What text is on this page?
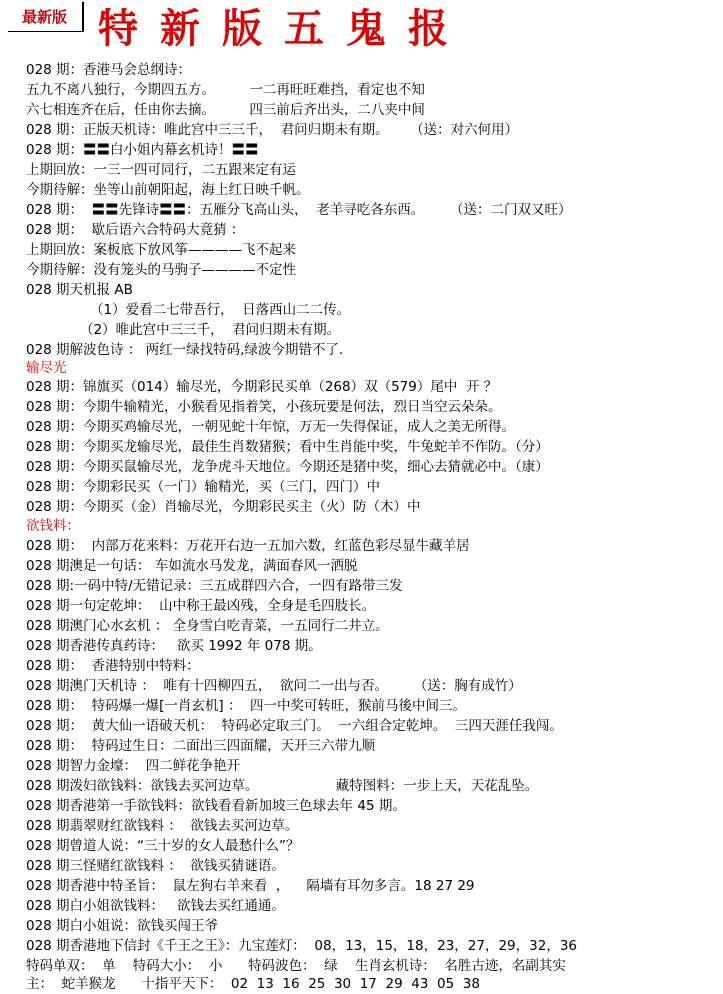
最新版 特新版五鬼报
028 期：香港马会总纲诗：
五九不离八独行，今期四五方。        一二再旺旺难挡，看定也不知
六七相连齐在后，任由你去摘。        四三前后齐出头，二八夹中间
028 期：正版天机诗：唯此宫中三三千，  君问归期未有期。     （送：对六何用）
028 期：〓〓白小姐内幕玄机诗！〓〓
上期回放：一三一四可同行，二五跟来定有运
今期待解：坐等山前朝阳起，海上红日映千帆。
028 期：  〓〓先锋诗〓〓：五雁分飞高山头，  老羊寻吃各东西。      （送：二门双又旺）
028 期：  歇后语六合特码大竟猜 ：
上期回放：案板底下放风筝————飞不起来
今期待解：没有笼头的马驹子————不定性
028 期天机报 AB
（1）爱看二七带吾行，  日落西山二二传。
（2）唯此宫中三三千，  君问归期未有期。
028 期解波色诗 ： 两红一绿找特码,绿波今期错不了.
输尽光
028 期：锦旗买（014）输尽光，今期彩民买单（268）双（579）尾中  开 ？
028 期：今期牛输精光，小猴看见指着笑，小孩玩要是何法，烈日当空云朵朵。
028 期：今期买鸡输尽光，一朝见蛇十年惊，万无一失得保证，成人之美无所得。
028 期：今期买龙输尽光，最佳生肖数猪猴；看中生肖能中奖，牛兔蛇羊不作防。（分）
028 期：今期买鼠输尽光，龙争虎斗天地位。今期还是猪中奖，细心去猜就必中。（康）
028 期：今期彩民买（一门）输精光，买（三门，四门）中
028 期：今期买（金）肖输尽光，今期彩民买主（火）防（木）中
欲钱料：
028 期：  内部万花来料：万花开右边一五加六数，红蓝色彩尽显牛藏羊居
028 期澳足一句话： 车如流水马发龙，满面春风一洒脱
028 期:一码中特/无错记录：三五成群四六合，一四有路带三发
028 期一句定乾坤：  山中称王最凶残，全身是毛四肢长。
028 期澳门心水玄机 ： 全身雪白吃青菜，一五同行二井立。
028 期香港传真药诗：   欲买 1992 年 078 期。
028 期：  香港特别中特料：
028 期澳门天机诗 ：  唯有十四柳四五，  欲问二一出与否。      （送：胸有成竹）
028 期：  特码爆一爆[一肖玄机] ：  四一中奖可转旺，猴前马後中间三。
028 期：  黄大仙一语破天机：  特码必定取三门。  一六组合定乾坤。  三四天涯任我闯。
028 期：  特码过生日：二面出三四面耀，天开三六带九顺
028 期智力金壕：  四二鲜花争艳开
028 期泼妇欲钱料：欲钱去买河边草。                  藏特图料：一步上天，天花乱坠。
028 期香港第一手欲钱料：欲钱看看新加坡三色球去年 45 期。
028 期翡翠财红欲钱料 ：  欲钱去买河边草。
028 期曾道人说：“三十岁的女人最愁什么”？
028 期三怪赌红欲钱料 ：  欲钱买猜谜语。
028 期香港中特圣旨：  鼠左狗右羊来看  ，    隔墙有耳勿多言。18 27 29
028 期白小姐欲钱料：   欲钱去买红通通。
028 期白小姐说：欲钱买闯王爷
028 期香港地下信封《千王之王》：九宝莲灯：  08，13，15，18，23，27，29，32，36
特码单双：  单    特码大小：  小      特码波色：  绿    生肖玄机诗：  名胜古迹，名副其实
主：  蛇羊猴龙      十指平天下：  02  13  16  25  30  17  29  43  05  38
